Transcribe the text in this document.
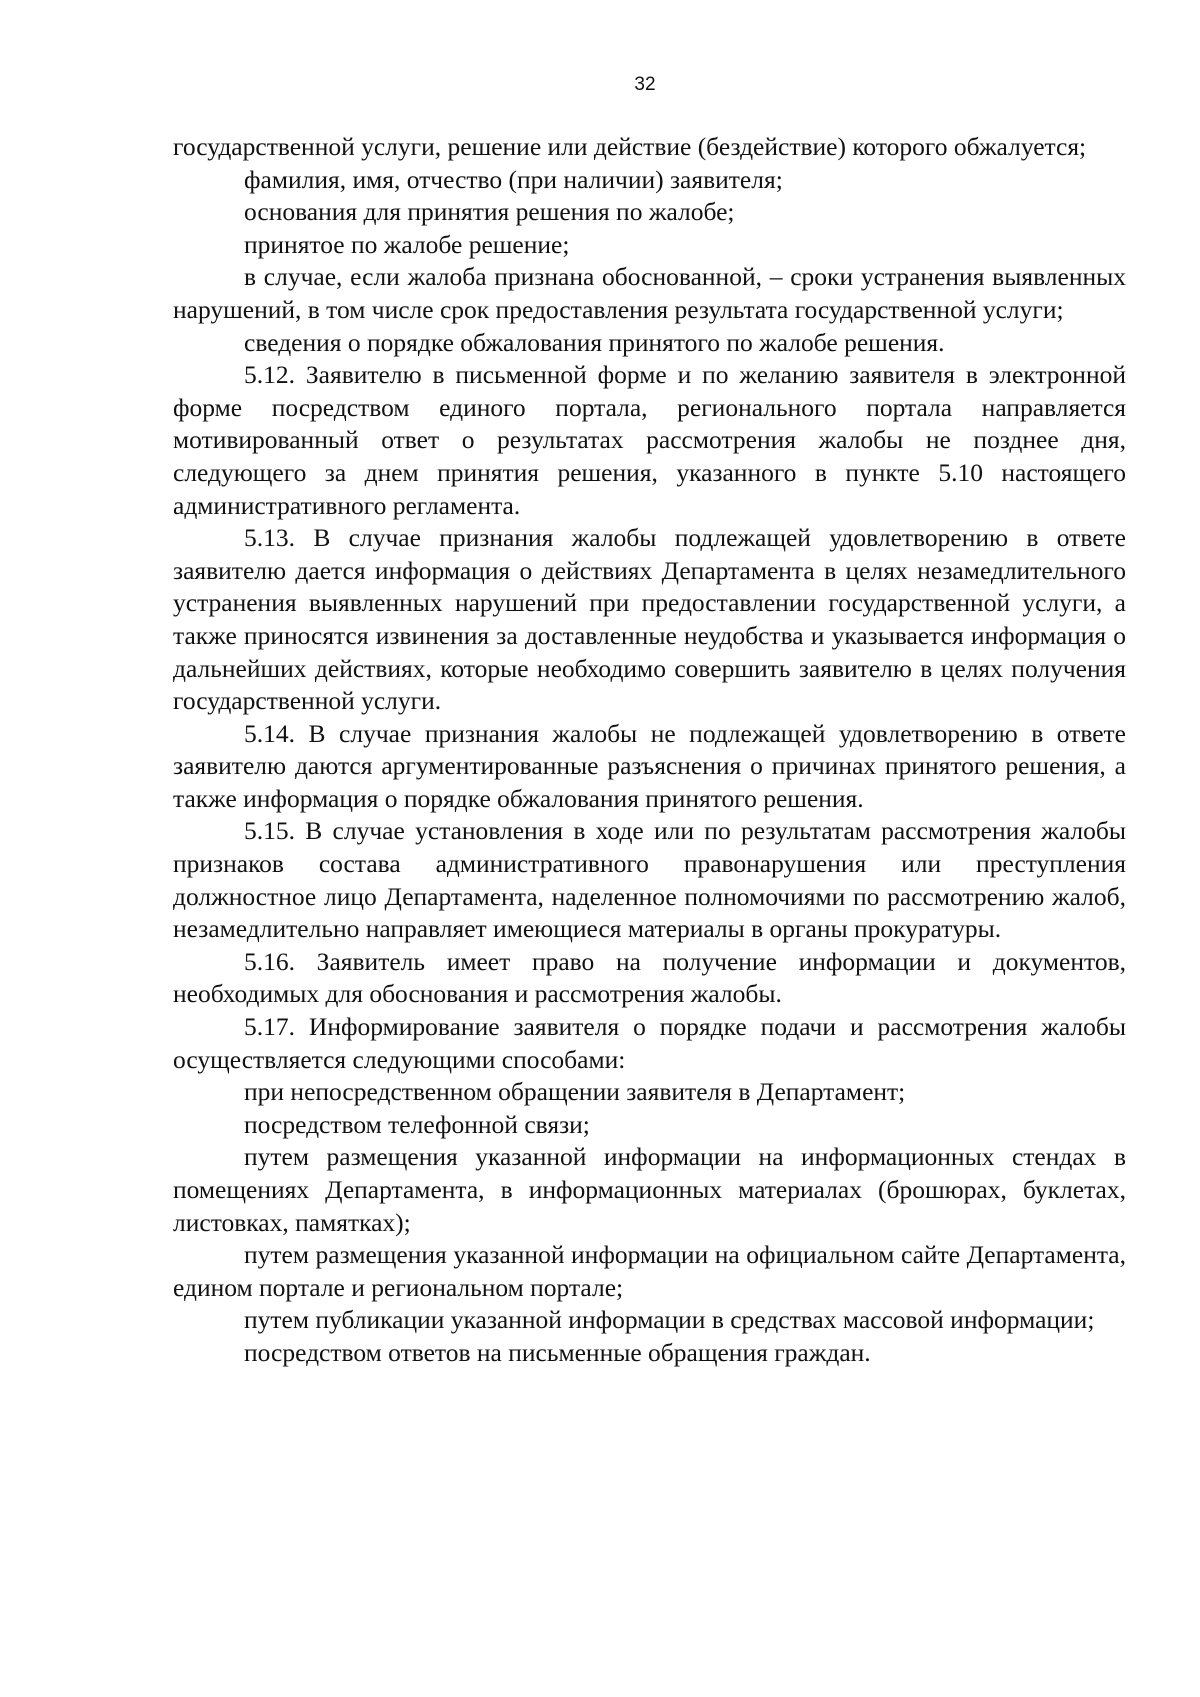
32

государственной услуги, решение или действие (бездействие) которого обжалуется;

фамилия, имя, отчество (при наличии) заявителя;

основания для принятия решения по жалобе;

принятое по жалобе решение;

в случае, если жалоба признана обоснованной, – сроки устранения выявленных нарушений, в том числе срок предоставления результата государственной услуги;

сведения о порядке обжалования принятого по жалобе решения.

5.12. Заявителю в письменной форме и по желанию заявителя в электронной форме посредством единого портала, регионального портала направляется мотивированный ответ о результатах рассмотрения жалобы не позднее дня, следующего за днем принятия решения, указанного в пункте 5.10 настоящего административного регламента.

5.13. В случае признания жалобы подлежащей удовлетворению в ответе заявителю дается информация о действиях Департамента в целях незамедлительного устранения выявленных нарушений при предоставлении государственной услуги, а также приносятся извинения за доставленные неудобства и указывается информация о дальнейших действиях, которые необходимо совершить заявителю в целях получения государственной услуги.

5.14. В случае признания жалобы не подлежащей удовлетворению в ответе заявителю даются аргументированные разъяснения о причинах принятого решения, а также информация о порядке обжалования принятого решения.

5.15. В случае установления в ходе или по результатам рассмотрения жалобы признаков состава административного правонарушения или преступления должностное лицо Департамента, наделенное полномочиями по рассмотрению жалоб, незамедлительно направляет имеющиеся материалы в органы прокуратуры.

5.16. Заявитель имеет право на получение информации и документов, необходимых для обоснования и рассмотрения жалобы.

5.17. Информирование заявителя о порядке подачи и рассмотрения жалобы осуществляется следующими способами:

при непосредственном обращении заявителя в Департамент;

посредством телефонной связи;

путем размещения указанной информации на информационных стендах в помещениях Департамента, в информационных материалах (брошюрах, буклетах, листовках, памятках);

путем размещения указанной информации на официальном сайте Департамента, едином портале и региональном портале;

путем публикации указанной информации в средствах массовой информации;

посредством ответов на письменные обращения граждан.
